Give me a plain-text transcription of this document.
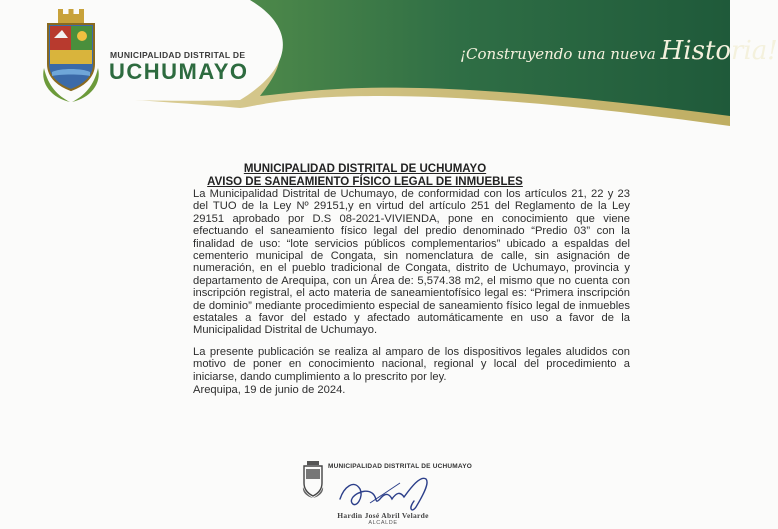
MUNICIPALIDAD DISTRITAL DE
UCHUMAYO
¡Construyendo una nueva Historia!
MUNICIPALIDAD DISTRITAL DE UCHUMAYO
AVISO DE SANEAMIENTO FÍSICO LEGAL DE INMUEBLES

La Municipalidad Distrital de Uchumayo, de conformidad con los artículos 21, 22 y 23 del TUO de la Ley Nº 29151,y en virtud del artículo 251 del Reglamento de la Ley 29151 aprobado por D.S 08-2021-VIVIENDA, pone en conocimiento que viene efectuando el saneamiento físico legal del predio denominado “Predio 03” con la finalidad de uso: “lote servicios públicos complementarios” ubicado a espaldas del cementerio municipal de Congata, sin nomenclatura de calle, sin asignación de numeración, en el pueblo tradicional de Congata, distrito de Uchumayo, provincia y departamento de Arequipa, con un Área de: 5,574.38 m2, el mismo que no cuenta con inscripción registral, el acto materia de saneamientofísico legal es: “Primera inscripción de dominio” mediante procedimiento especial de saneamiento físico legal de inmuebles estatales a favor del estado y afectado automáticamente en uso a favor de la Municipalidad Distrital de Uchumayo.

La presente publicación se realiza al amparo de los dispositivos legales aludidos con motivo de poner en conocimiento nacional, regional y local del procedimiento a iniciarse, dando cumplimiento a lo prescrito por ley.

Arequipa, 19 de junio de 2024.

MUNICIPALIDAD DISTRITAL DE UCHUMAYO
Hardin José Abril Velarde
ALCALDE
